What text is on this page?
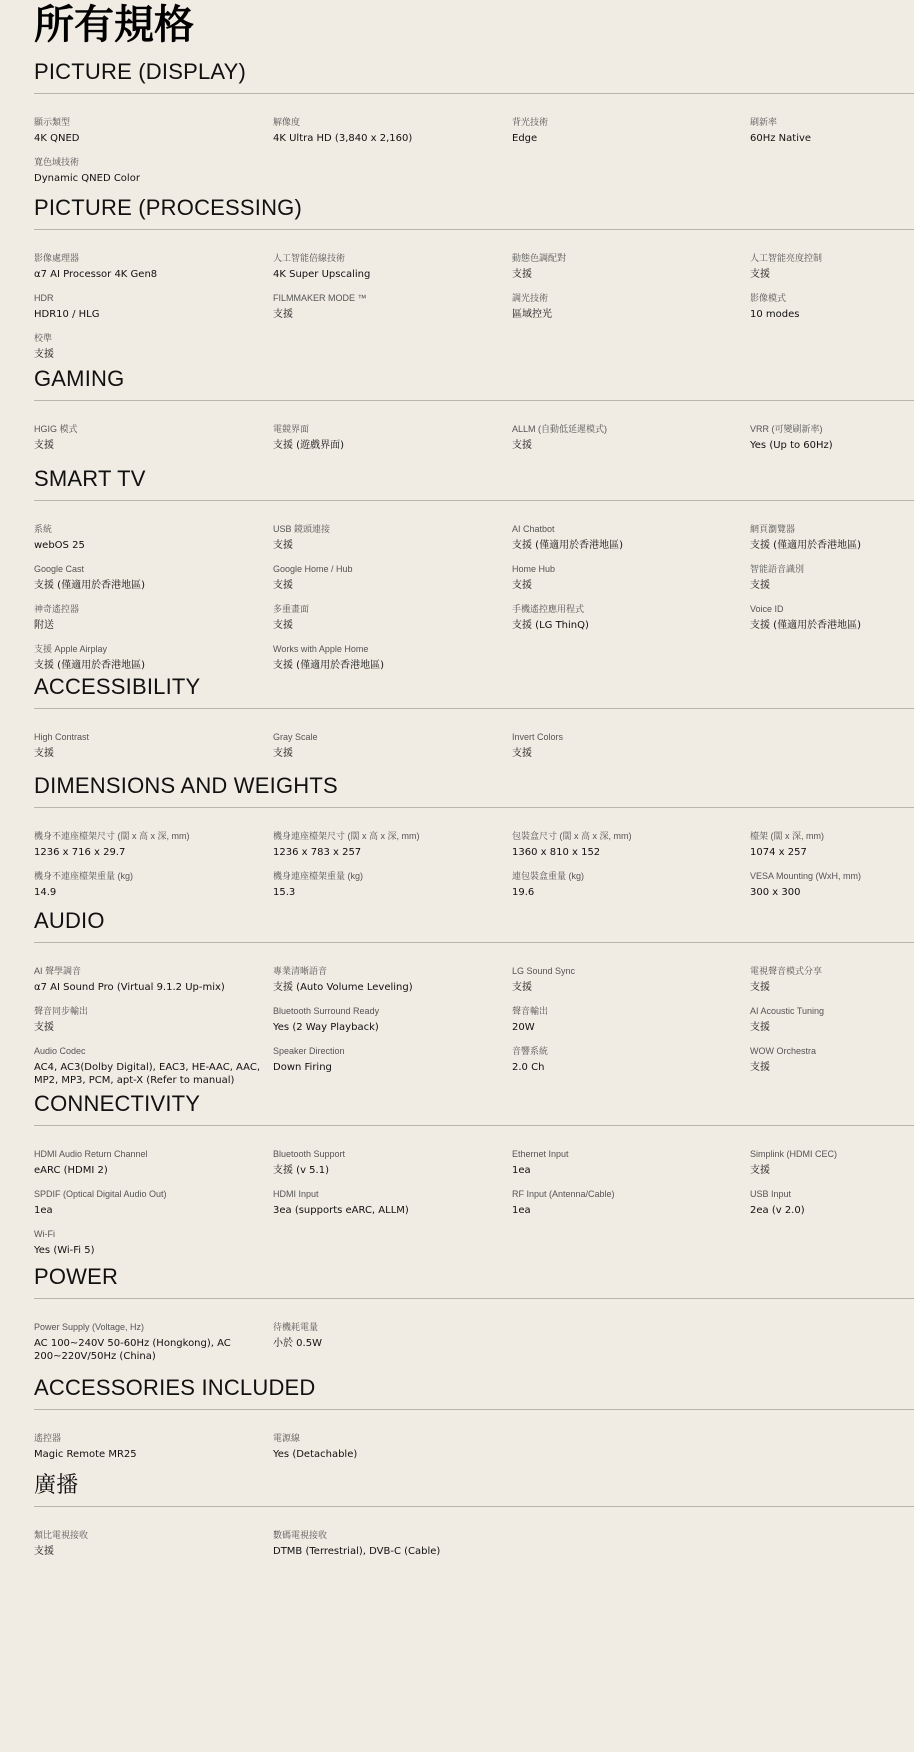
所有規格
PICTURE (DISPLAY)
顯示類型
4K QNED
解像度
4K Ultra HD (3,840 x 2,160)
背光技術
Edge
刷新率
60Hz Native
寬色域技術
Dynamic QNED Color
PICTURE (PROCESSING)
影像處理器
α7 AI Processor 4K Gen8
人工智能倍線技術
4K Super Upscaling
動態色調配對
支援
人工智能亮度控制
支援
HDR
HDR10 / HLG
FILMMAKER MODE ™
支援
調光技術
區域控光
影像模式
10 modes
校準
支援
GAMING
HGIG 模式
支援
電競界面
支援 (遊戲界面)
ALLM (自動低延遲模式)
支援
VRR (可變刷新率)
Yes (Up to 60Hz)
SMART TV
系統
webOS 25
USB 鏡頭連接
支援
AI Chatbot
支援 (僅適用於香港地區)
網頁瀏覽器
支援 (僅適用於香港地區)
Google Cast
支援 (僅適用於香港地區)
Google Home / Hub
支援
Home Hub
支援
智能語音識別
支援
神奇遙控器
附送
多重畫面
支援
手機遙控應用程式
支援 (LG ThinQ)
Voice ID
支援 (僅適用於香港地區)
支援 Apple Airplay
支援 (僅適用於香港地區)
Works with Apple Home
支援 (僅適用於香港地區)
ACCESSIBILITY
High Contrast
支援
Gray Scale
支援
Invert Colors
支援
DIMENSIONS AND WEIGHTS
機身不連座檯架尺寸 (闊 x 高 x 深, mm)
1236 x 716 x 29.7
機身連座檯架尺寸 (闊 x 高 x 深, mm)
1236 x 783 x 257
包裝盒尺寸 (闊 x 高 x 深, mm)
1360 x 810 x 152
檯架 (闊 x 深, mm)
1074 x 257
機身不連座檯架重量 (kg)
14.9
機身連座檯架重量 (kg)
15.3
連包裝盒重量 (kg)
19.6
VESA Mounting (WxH, mm)
300 x 300
AUDIO
AI 聲學調音
α7 AI Sound Pro (Virtual 9.1.2 Up-mix)
專業清晰語音
支援 (Auto Volume Leveling)
LG Sound Sync
支援
電視聲音模式分享
支援
聲音同步輸出
支援
Bluetooth Surround Ready
Yes (2 Way Playback)
聲音輸出
20W
AI Acoustic Tuning
支援
Audio Codec
AC4, AC3(Dolby Digital), EAC3, HE-AAC, AAC, MP2, MP3, PCM, apt-X (Refer to manual)
Speaker Direction
Down Firing
音響系統
2.0 Ch
WOW Orchestra
支援
CONNECTIVITY
HDMI Audio Return Channel
eARC (HDMI 2)
Bluetooth Support
支援 (v 5.1)
Ethernet Input
1ea
Simplink (HDMI CEC)
支援
SPDIF (Optical Digital Audio Out)
1ea
HDMI Input
3ea (supports eARC, ALLM)
RF Input (Antenna/Cable)
1ea
USB Input
2ea (v 2.0)
Wi-Fi
Yes (Wi-Fi 5)
POWER
Power Supply (Voltage, Hz)
AC 100~240V 50-60Hz (Hongkong), AC 200~220V/50Hz (China)
待機耗電量
小於 0.5W
ACCESSORIES INCLUDED
遙控器
Magic Remote MR25
電源線
Yes (Detachable)
廣播
類比電視接收
支援
數碼電視接收
DTMB (Terrestrial), DVB-C (Cable)
